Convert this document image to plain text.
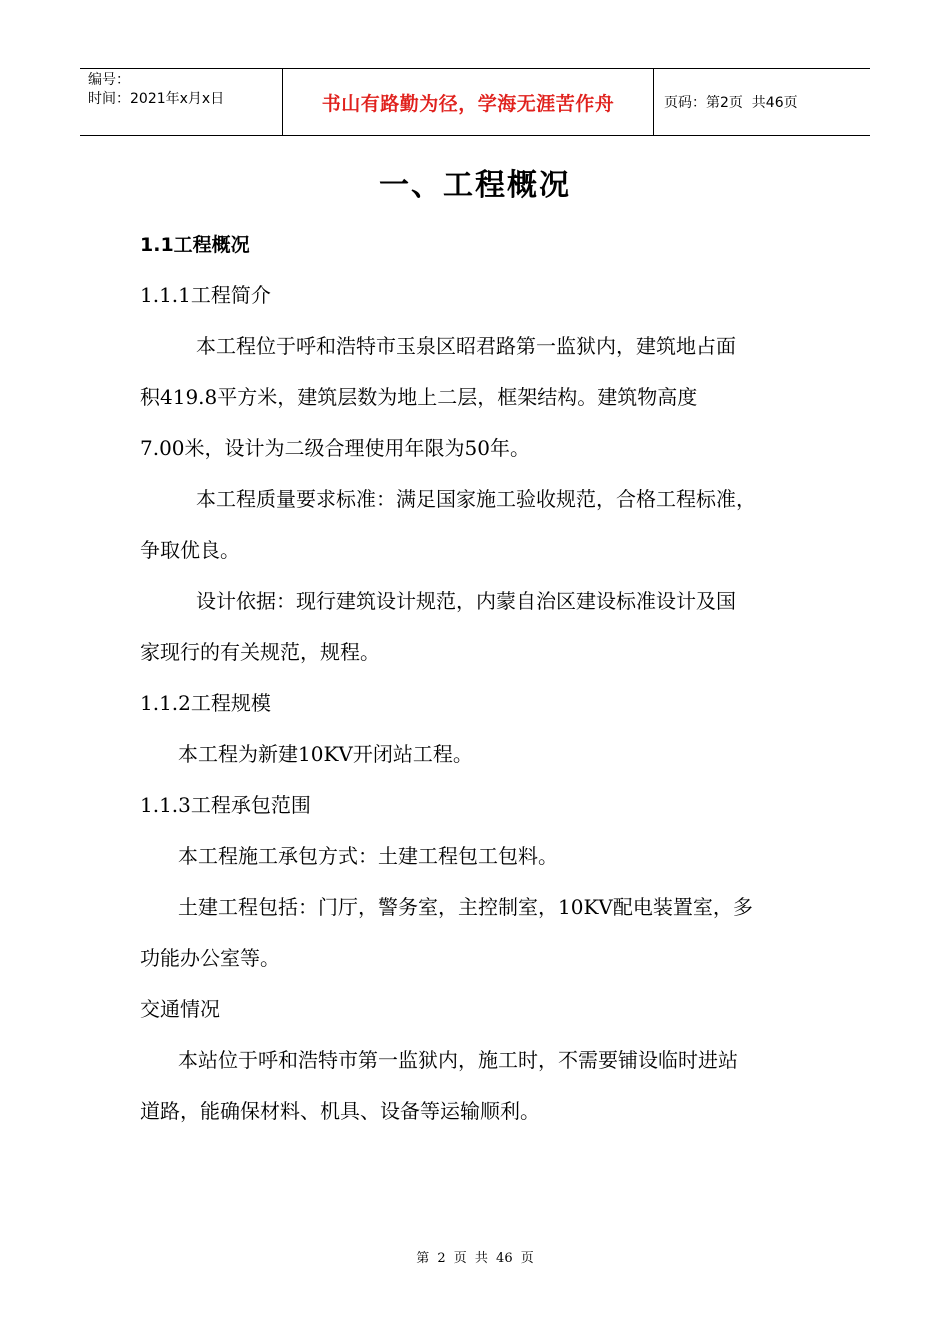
编号：
时间：2021年x月x日	书山有路勤为径，学海无涯苦作舟	页码：第2页  共46页
一、工程概况
1.1工程概况

1.1.1工程简介

本工程位于呼和浩特市玉泉区昭君路第一监狱内，建筑地占面

积419.8平方米，建筑层数为地上二层，框架结构。建筑物高度

7.00米，设计为二级合理使用年限为50年。

本工程质量要求标准：满足国家施工验收规范，合格工程标准，

争取优良。

设计依据：现行建筑设计规范，内蒙自治区建设标准设计及国

家现行的有关规范，规程。

1.1.2工程规模

本工程为新建10KV开闭站工程。

1.1.3工程承包范围

本工程施工承包方式：土建工程包工包料。

土建工程包括：门厅，警务室，主控制室，10KV配电装置室，多

功能办公室等。

交通情况

本站位于呼和浩特市第一监狱内，施工时，不需要铺设临时进站

道路，能确保材料、机具、设备等运输顺利。

第 2 页 共 46 页
